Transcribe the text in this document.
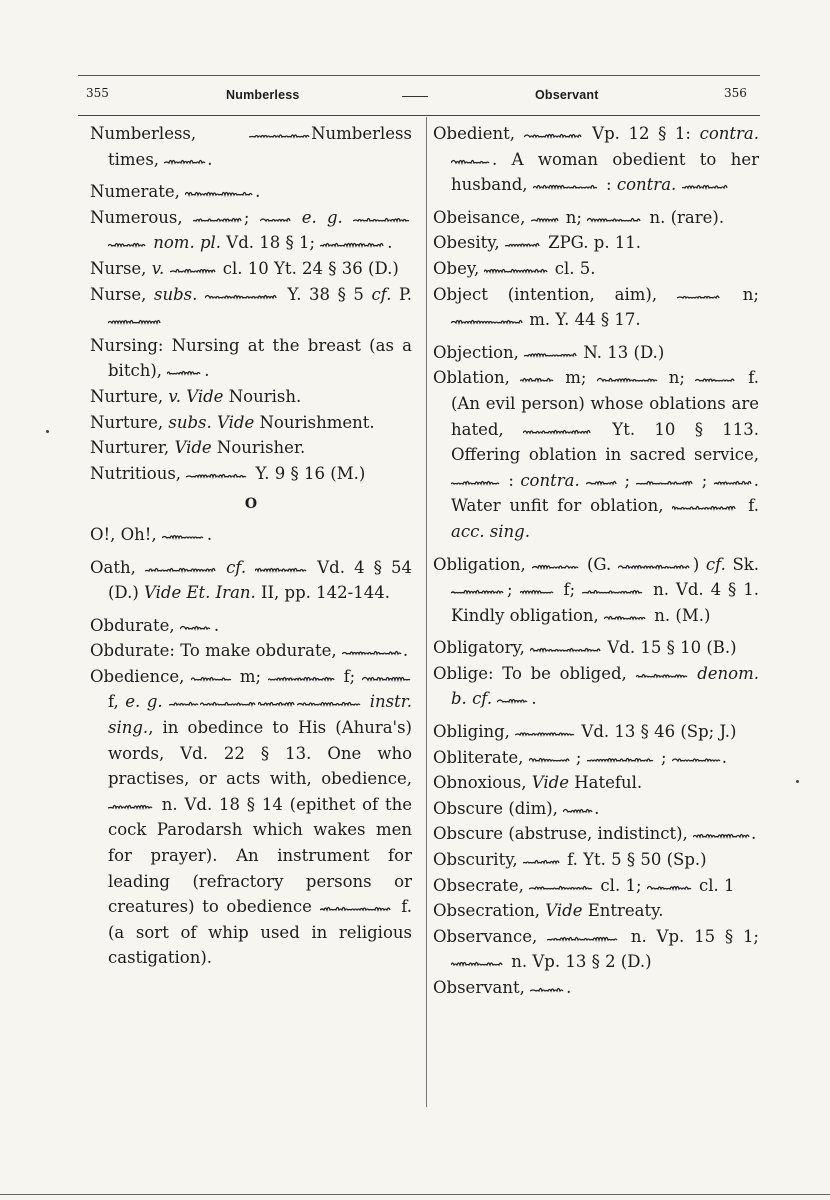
355	Numberless	Observant	356

Numberless,	Numberless times,	.

Numerate,	.

Numerous,	;	e. g.
nom. pl. Vd. 18 § 1;	.

Nurse, v.	cl. 10 Yt. 24 § 36 (D.)

Nurse, subs.	Y. 38 § 5 cf. P.

Nursing: Nursing at the breast (as a bitch),
.

Nurture, v. Vide Nourish.

Nurture, subs. Vide Nourishment.

Nurturer, Vide Nourisher.

Nutritious,	Y. 9 § 16 (M.)

O

O!, Oh!,	.

Oath,	cf.	Vd. 4 § 54 (D.) Vide Et. Iran. II, pp. 142-144.

Obdurate,
.

Obdurate: To make obdurate,	.

Obedience,	m;	f;
f, e. g.	instr. sing., in obedince to His (Ahura's) words, Vd. 22 § 13. One who practises, or acts with, obedience,
n. Vd. 18 § 14 (epithet of the cock Parodarsh which wakes men for prayer). An instrument for leading (refractory persons or creatures) to obedience	f. (a sort of whip used in religious castigation).

Obedient,	Vp. 12 § 1: contra.
. A woman obedient to her husband,	: contra.

Obeisance,
n;	n. (rare).

Obesity,
ZPG. p. 11.

Obey,	cl. 5.

Object (intention, aim),	n;
m. Y. 44 § 17.

Objection,	N. 13 (D.)

Oblation,
m;	n;	f. (An evil person) whose oblations are hated,	Yt. 10 § 113. Offering oblation in sacred service,
: contra.
;	;
. Water unfit for oblation,	f. acc. sing.

Obligation,	(G.	) cf. Sk.
;
f;	n. Vd. 4 § 1. Kindly obligation,	n. (M.)

Obligatory,	Vd. 15 § 10 (B.)

Oblige: To be obliged,	denom. b. cf. .

Obliging,	Vd. 13 § 46 (Sp; J.)

Obliterate,	;	;	.

Obnoxious, Vide Hateful.

Obscure (dim),
.

Obscure (abstruse, indistinct),	.

Obscurity,
f. Yt. 5 § 50 (Sp.)

Obsecrate,	cl. 1;	cl. 1

Obsecration, Vide Entreaty.

Observance,	n. Vp. 15 § 1;
n. Vp. 13 § 2 (D.)

Observant,
.
